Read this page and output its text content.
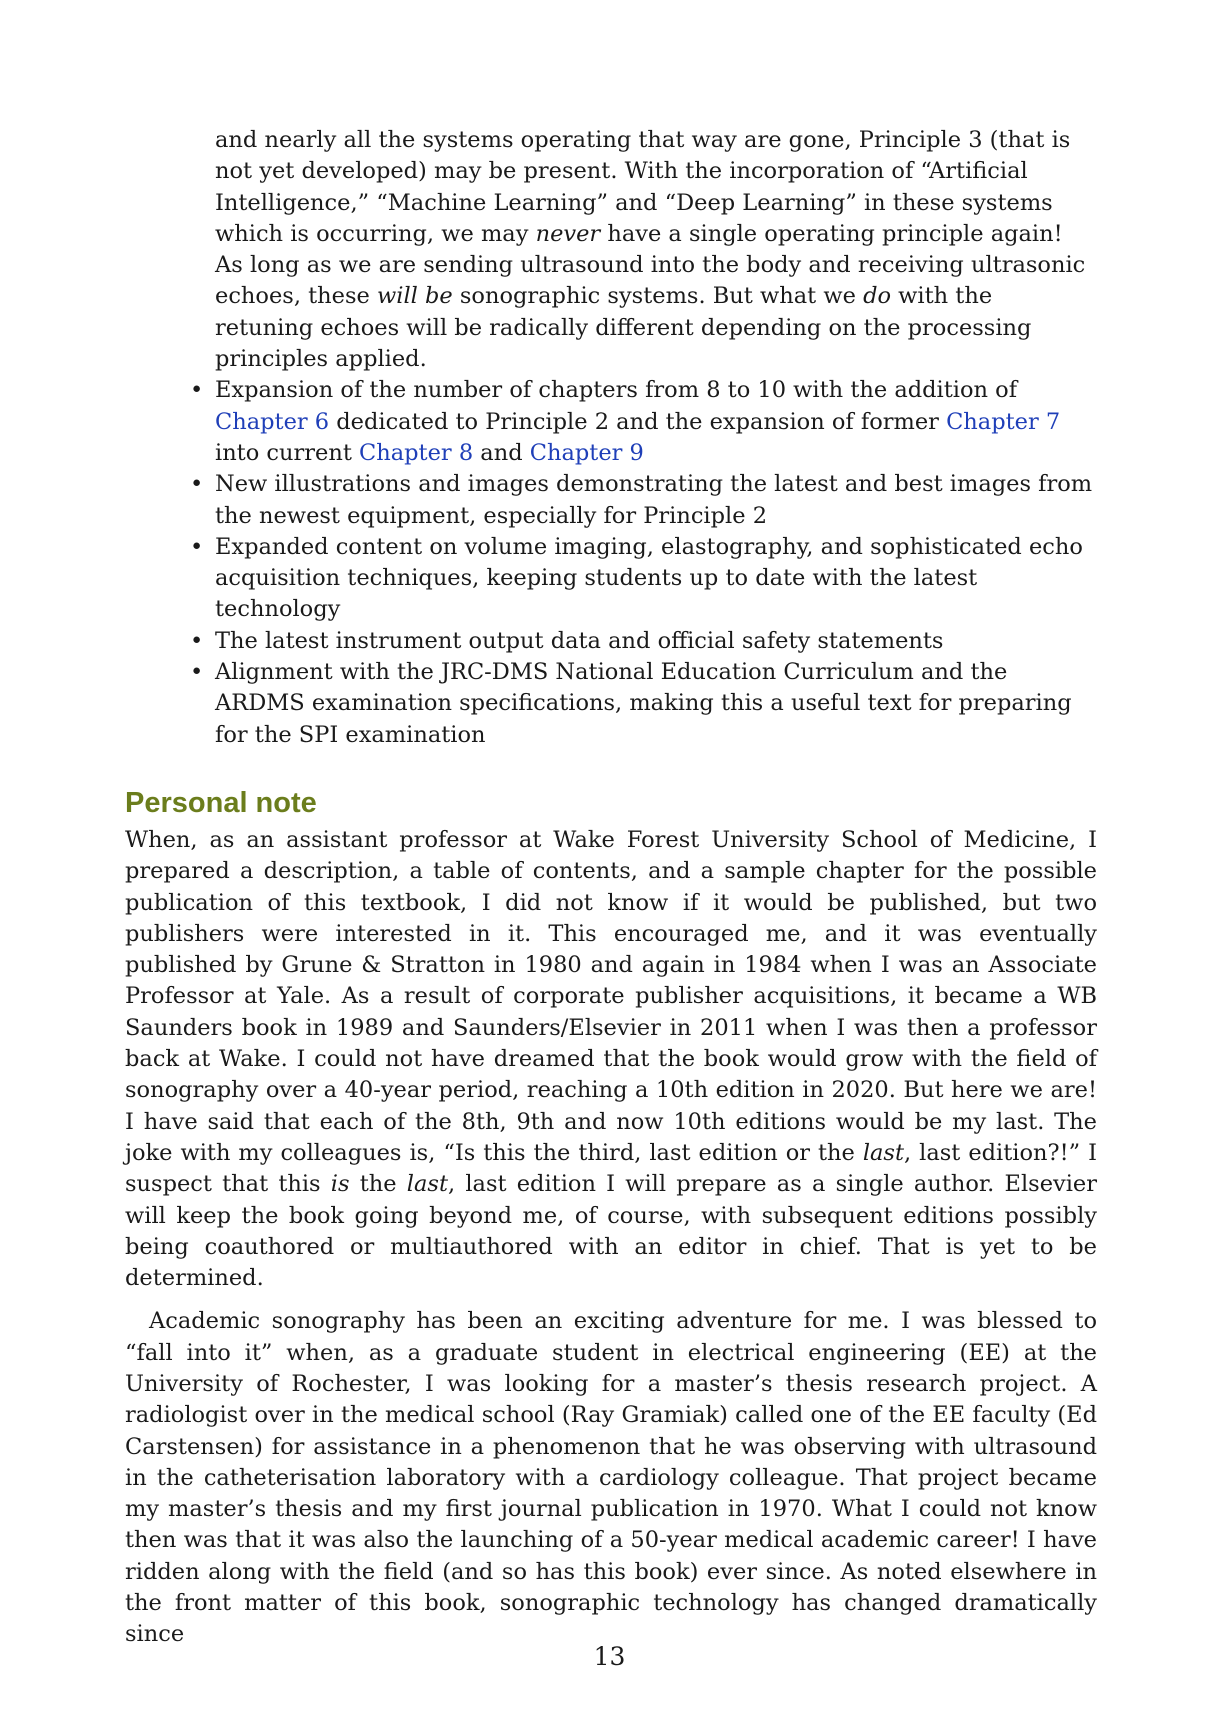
and nearly all the systems operating that way are gone, Principle 3 (that is not yet developed) may be present. With the incorporation of “Artificial Intelligence,” “Machine Learning” and “Deep Learning” in these systems which is occurring, we may never have a single operating principle again! As long as we are sending ultrasound into the body and receiving ultrasonic echoes, these will be sonographic systems. But what we do with the retuning echoes will be radically different depending on the processing principles applied.
• Expansion of the number of chapters from 8 to 10 with the addition of Chapter 6 dedicated to Principle 2 and the expansion of former Chapter 7 into current Chapter 8 and Chapter 9
• New illustrations and images demonstrating the latest and best images from the newest equipment, especially for Principle 2
• Expanded content on volume imaging, elastography, and sophisticated echo acquisition techniques, keeping students up to date with the latest technology
• The latest instrument output data and official safety statements
• Alignment with the JRC-DMS National Education Curriculum and the ARDMS examination specifications, making this a useful text for preparing for the SPI examination
Personal note

When, as an assistant professor at Wake Forest University School of Medicine, I prepared a description, a table of contents, and a sample chapter for the possible publication of this textbook, I did not know if it would be published, but two publishers were interested in it. This encouraged me, and it was eventually published by Grune & Stratton in 1980 and again in 1984 when I was an Associate Professor at Yale. As a result of corporate publisher acquisitions, it became a WB Saunders book in 1989 and Saunders/Elsevier in 2011 when I was then a professor back at Wake. I could not have dreamed that the book would grow with the field of sonography over a 40-year period, reaching a 10th edition in 2020. But here we are! I have said that each of the 8th, 9th and now 10th editions would be my last. The joke with my colleagues is, “Is this the third, last edition or the last, last edition?!” I suspect that this is the last, last edition I will prepare as a single author. Elsevier will keep the book going beyond me, of course, with subsequent editions possibly being coauthored or multiauthored with an editor in chief. That is yet to be determined.

Academic sonography has been an exciting adventure for me. I was blessed to “fall into it” when, as a graduate student in electrical engineering (EE) at the University of Rochester, I was looking for a master’s thesis research project. A radiologist over in the medical school (Ray Gramiak) called one of the EE faculty (Ed Carstensen) for assistance in a phenomenon that he was observing with ultrasound in the catheterisation laboratory with a cardiology colleague. That project became my master’s thesis and my first journal publication in 1970. What I could not know then was that it was also the launching of a 50-year medical academic career! I have ridden along with the field (and so has this book) ever since. As noted elsewhere in the front matter of this book, sonographic technology has changed dramatically since

13
